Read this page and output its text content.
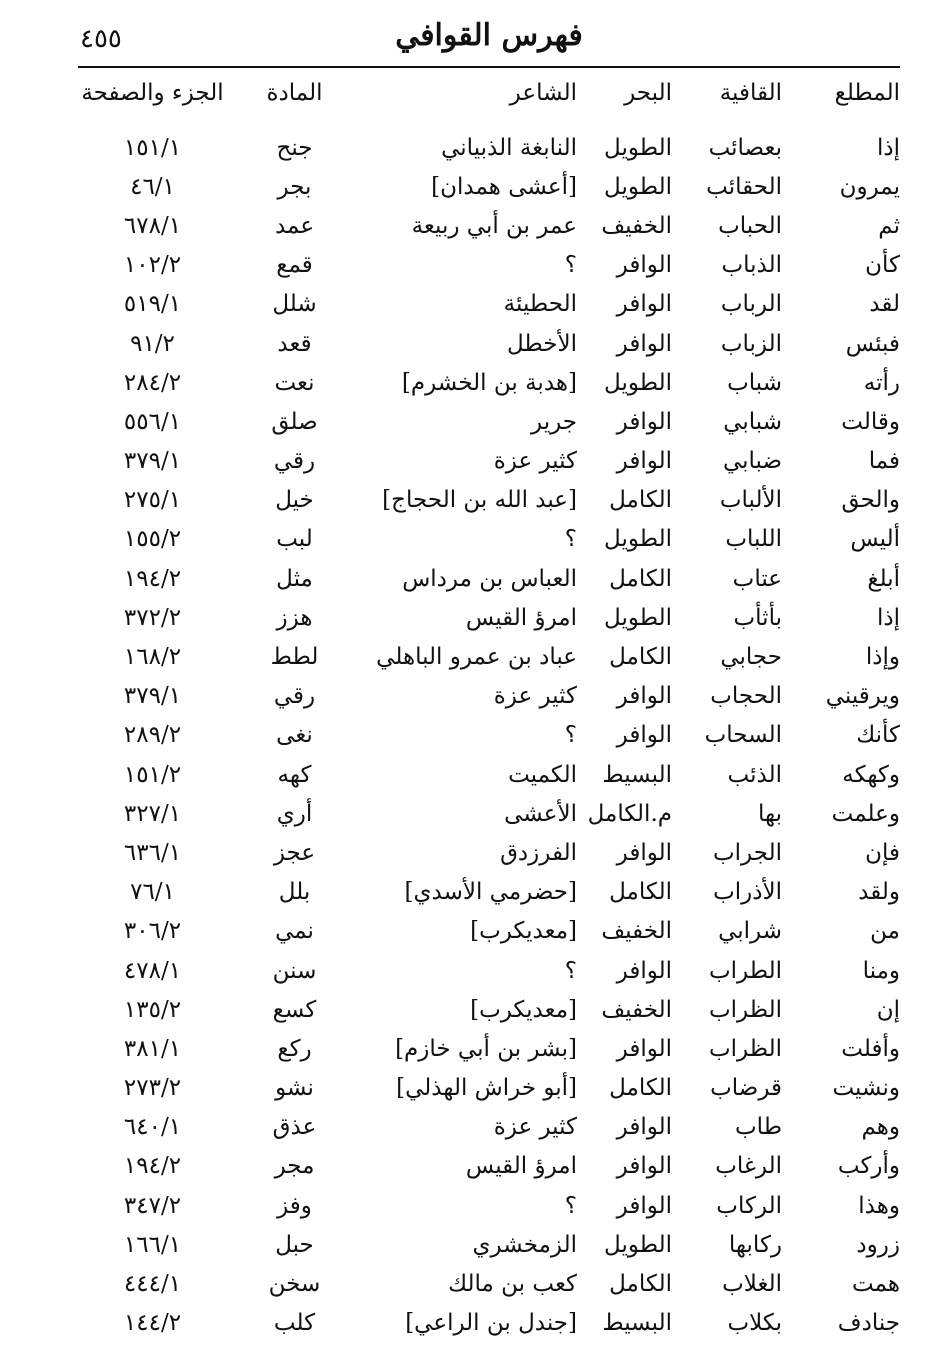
فهرس القوافي
٤٥٥
المطلع
القافية
البحر
الشاعر
المادة
الجزء والصفحة
إذا
بعصائب
الطويل
النابغة الذبياني
جنح
١٥١/١
يمرون
الحقائب
الطويل
[أعشى همدان]
بجر
٤٦/١
ثم
الحباب
الخفيف
عمر بن أبي ربيعة
عمد
٦٧٨/١
كأن
الذباب
الوافر
؟
قمع
١٠٢/٢
لقد
الرباب
الوافر
الحطيئة
شلل
٥١٩/١
فبئس
الزباب
الوافر
الأخطل
قعد
٩١/٢
رأته
شباب
الطويل
[هدبة بن الخشرم]
نعت
٢٨٤/٢
وقالت
شبابي
الوافر
جرير
صلق
٥٥٦/١
فما
ضبابي
الوافر
كثير عزة
رقي
٣٧٩/١
والحق
الألباب
الكامل
[عبد الله بن الحجاج]
خيل
٢٧٥/١
أليس
اللباب
الطويل
؟
لبب
١٥٥/٢
أبلغ
عتاب
الكامل
العباس بن مرداس
مثل
١٩٤/٢
إذا
بأثأب
الطويل
امرؤ القيس
هزز
٣٧٢/٢
وإذا
حجابي
الكامل
عباد بن عمرو الباهلي
لطط
١٦٨/٢
ويرقيني
الحجاب
الوافر
كثير عزة
رقي
٣٧٩/١
كأنك
السحاب
الوافر
؟
نغى
٢٨٩/٢
وكهكه
الذئب
البسيط
الكميت
كهه
١٥١/٢
وعلمت
بها
م.الكامل
الأعشى
أري
٣٢٧/١
فإن
الجراب
الوافر
الفرزدق
عجز
٦٣٦/١
ولقد
الأذراب
الكامل
[حضرمي الأسدي]
بلل
٧٦/١
من
شرابي
الخفيف
[معديكرب]
نمي
٣٠٦/٢
ومنا
الطراب
الوافر
؟
سنن
٤٧٨/١
إن
الظراب
الخفيف
[معديكرب]
كسع
١٣٥/٢
وأفلت
الظراب
الوافر
[بشر بن أبي خازم]
ركع
٣٨١/١
ونشيت
قرضاب
الكامل
[أبو خراش الهذلي]
نشو
٢٧٣/٢
وهم
طاب
الوافر
كثير عزة
عذق
٦٤٠/١
وأركب
الرغاب
الوافر
امرؤ القيس
مجر
١٩٤/٢
وهذا
الركاب
الوافر
؟
وفز
٣٤٧/٢
زرود
ركابها
الطويل
الزمخشري
حبل
١٦٦/١
همت
الغلاب
الكامل
كعب بن مالك
سخن
٤٤٤/١
جنادف
بكلاب
البسيط
[جندل بن الراعي]
كلب
١٤٤/٢
